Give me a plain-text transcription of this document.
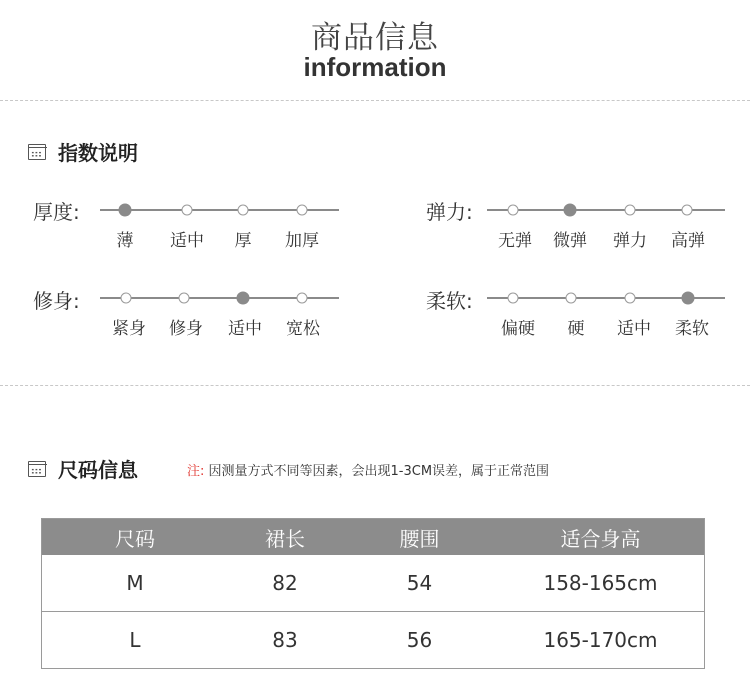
商品信息
information
指数说明
厚度:
薄 适中 厚 加厚
弹力:
无弹 微弹 弹力 高弹
修身:
紧身 修身 适中 宽松
柔软:
偏硬 硬 适中 柔软
尺码信息	注: 因测量方式不同等因素，会出现1-3CM误差，属于正常范围
尺码	裙长	腰围	适合身高
M	82	54	158-165cm
L	83	56	165-170cm
